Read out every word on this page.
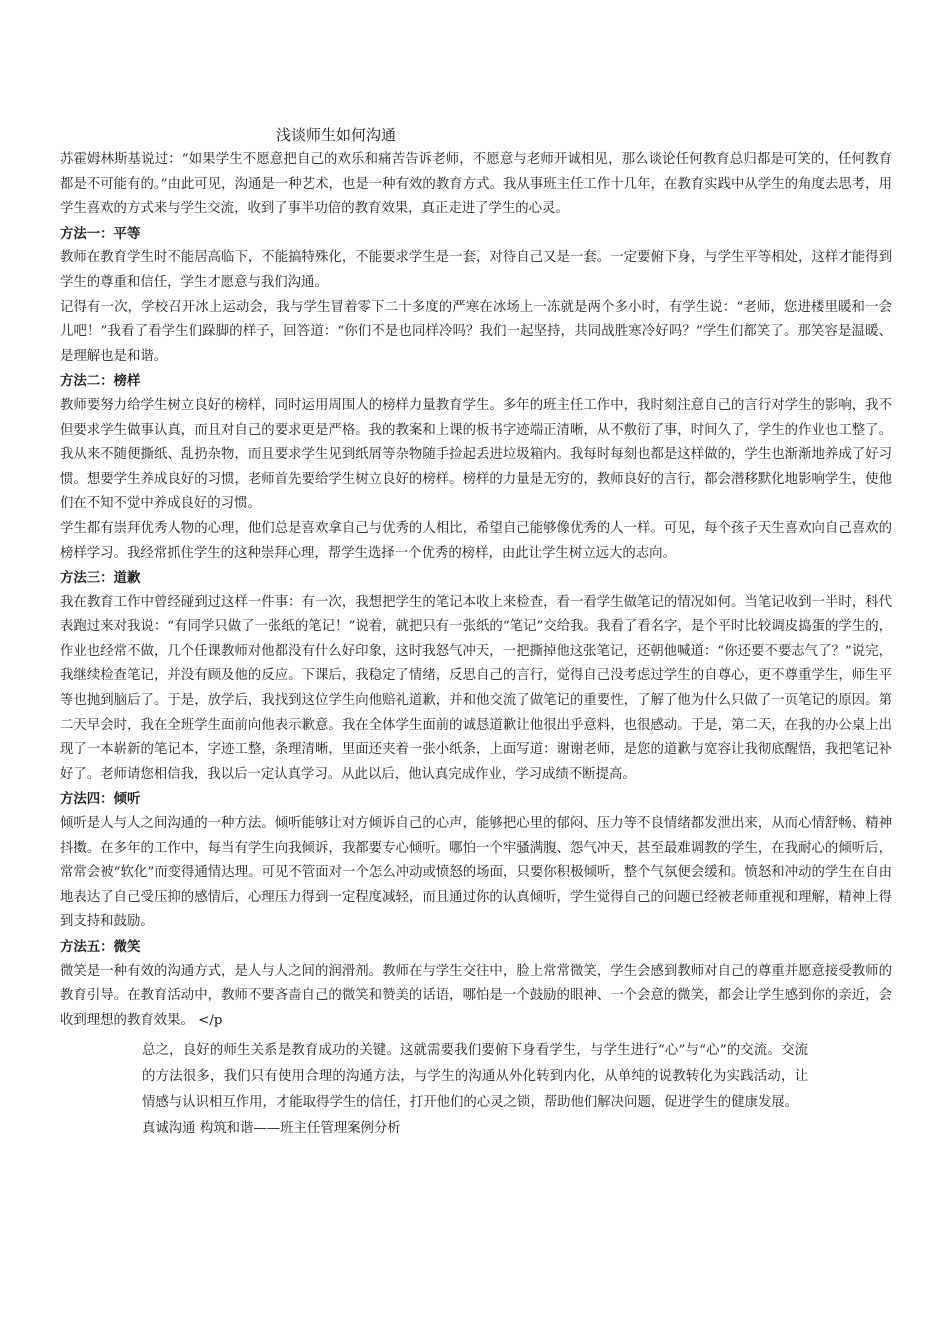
浅谈师生如何沟通

苏霍姆林斯基说过：“如果学生不愿意把自己的欢乐和痛苦告诉老师，不愿意与老师开诚相见，那么谈论任何教育总归都是可笑的，任何教育都是不可能有的。”由此可见，沟通是一种艺术，也是一种有效的教育方式。我从事班主任工作十几年，在教育实践中从学生的角度去思考，用学生喜欢的方式来与学生交流，收到了事半功倍的教育效果，真正走进了学生的心灵。

方法一：平等

教师在教育学生时不能居高临下，不能搞特殊化，不能要求学生是一套，对待自己又是一套。一定要俯下身，与学生平等相处，这样才能得到学生的尊重和信任，学生才愿意与我们沟通。

记得有一次，学校召开冰上运动会，我与学生冒着零下二十多度的严寒在冰场上一冻就是两个多小时，有学生说：“老师，您进楼里暖和一会儿吧！”我看了看学生们跺脚的样子，回答道：“你们不是也同样冷吗？我们一起坚持，共同战胜寒冷好吗？”学生们都笑了。那笑容是温暖、是理解也是和谐。

方法二：榜样

教师要努力给学生树立良好的榜样，同时运用周围人的榜样力量教育学生。多年的班主任工作中，我时刻注意自己的言行对学生的影响，我不但要求学生做事认真，而且对自己的要求更是严格。我的教案和上课的板书字迹端正清晰，从不敷衍了事，时间久了，学生的作业也工整了。我从来不随便撕纸、乱扔杂物，而且要求学生见到纸屑等杂物随手捡起丢进垃圾箱内。我每时每刻也都是这样做的，学生也渐渐地养成了好习惯。想要学生养成良好的习惯，老师首先要给学生树立良好的榜样。榜样的力量是无穷的，教师良好的言行，都会潜移默化地影响学生，使他们在不知不觉中养成良好的习惯。

学生都有崇拜优秀人物的心理，他们总是喜欢拿自己与优秀的人相比，希望自己能够像优秀的人一样。可见，每个孩子天生喜欢向自己喜欢的榜样学习。我经常抓住学生的这种崇拜心理，帮学生选择一个优秀的榜样，由此让学生树立远大的志向。

方法三：道歉

我在教育工作中曾经碰到过这样一件事：有一次，我想把学生的笔记本收上来检查，看一看学生做笔记的情况如何。当笔记收到一半时，科代表跑过来对我说：“有同学只做了一张纸的笔记！”说着，就把只有一张纸的“笔记”交给我。我看了看名字，是个平时比较调皮捣蛋的学生的，作业也经常不做，几个任课教师对他都没有什么好印象，这时我怒气冲天，一把撕掉他这张笔记，还朝他喊道：“你还要不要志气了？”说完，我继续检查笔记，并没有顾及他的反应。下课后，我稳定了情绪，反思自己的言行，觉得自己没考虑过学生的自尊心，更不尊重学生，师生平等也抛到脑后了。于是，放学后，我找到这位学生向他赔礼道歉，并和他交流了做笔记的重要性，了解了他为什么只做了一页笔记的原因。第二天早会时，我在全班学生面前向他表示歉意。我在全体学生面前的诚恳道歉让他很出乎意料，也很感动。于是，第二天，在我的办公桌上出现了一本崭新的笔记本，字迹工整，条理清晰，里面还夹着一张小纸条，上面写道：谢谢老师，是您的道歉与宽容让我彻底醒悟，我把笔记补好了。老师请您相信我，我以后一定认真学习。从此以后，他认真完成作业，学习成绩不断提高。

方法四：倾听

倾听是人与人之间沟通的一种方法。倾听能够让对方倾诉自己的心声，能够把心里的郁闷、压力等不良情绪都发泄出来，从而心情舒畅、精神抖擞。在多年的工作中，每当有学生向我倾诉，我都要专心倾听。哪怕一个牢骚满腹、怨气冲天，甚至最难调教的学生，在我耐心的倾听后，常常会被“软化”而变得通情达理。可见不管面对一个怎么冲动或愤怒的场面，只要你积极倾听，整个气氛便会缓和。愤怒和冲动的学生在自由地表达了自己受压抑的感情后，心理压力得到一定程度减轻，而且通过你的认真倾听，学生觉得自己的问题已经被老师重视和理解，精神上得到支持和鼓励。

方法五：微笑

微笑是一种有效的沟通方式，是人与人之间的润滑剂。教师在与学生交往中，脸上常常微笑，学生会感到教师对自己的尊重并愿意接受教师的教育引导。在教育活动中，教师不要吝啬自己的微笑和赞美的话语，哪怕是一个鼓励的眼神、一个会意的微笑，都会让学生感到你的亲近，会收到理想的教育效果。 </p

总之，良好的师生关系是教育成功的关键。这就需要我们要俯下身看学生，与学生进行“心”与“心”的交流。交流的方法很多，我们只有使用合理的沟通方法，与学生的沟通从外化转到内化，从单纯的说教转化为实践活动，让情感与认识相互作用，才能取得学生的信任，打开他们的心灵之锁，帮助他们解决问题，促进学生的健康发展。

真诚沟通 构筑和谐——班主任管理案例分析
